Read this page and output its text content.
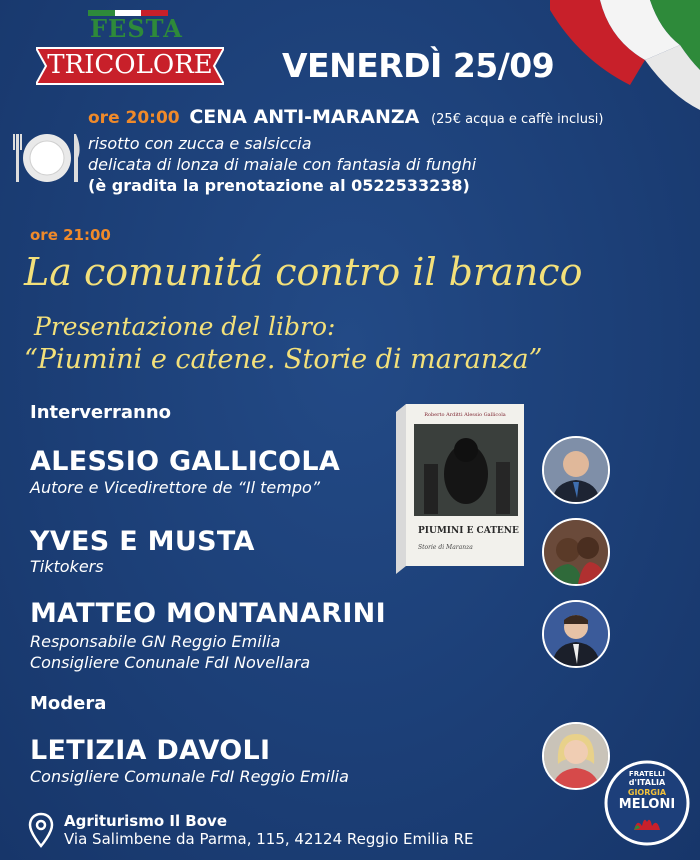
FESTA
TRICOLORE	VENERDÌ 25/09
ore 20:00 CENA ANTI-MARANZA (25€ acqua e caffè inclusi)
risotto con zucca e salsiccia
delicata di lonza di maiale con fantasia di funghi
(è gradita la prenotazione al 0522533238)
ore 21:00
La comunitá contro il branco
Presentazione del libro:
“Piumini e catene. Storie di maranza”
Interverranno
ALESSIO GALLICOLA
Autore e Vicedirettore de “Il tempo”
YVES E MUSTA
Tiktokers
MATTEO MONTANARINI
Responsabile GN Reggio Emilia
Consigliere Conunale FdI Novellara
Modera
LETIZIA DAVOLI
Consigliere Comunale FdI Reggio Emilia
Roberto Arditti Alessio Gallicola
PIUMINI E CATENE
Storie di Maranza
Agriturismo Il Bove
Via Salimbene da Parma, 115, 42124 Reggio Emilia RE
FRATELLI
d'ITALIA
GIORGIA
MELONI
